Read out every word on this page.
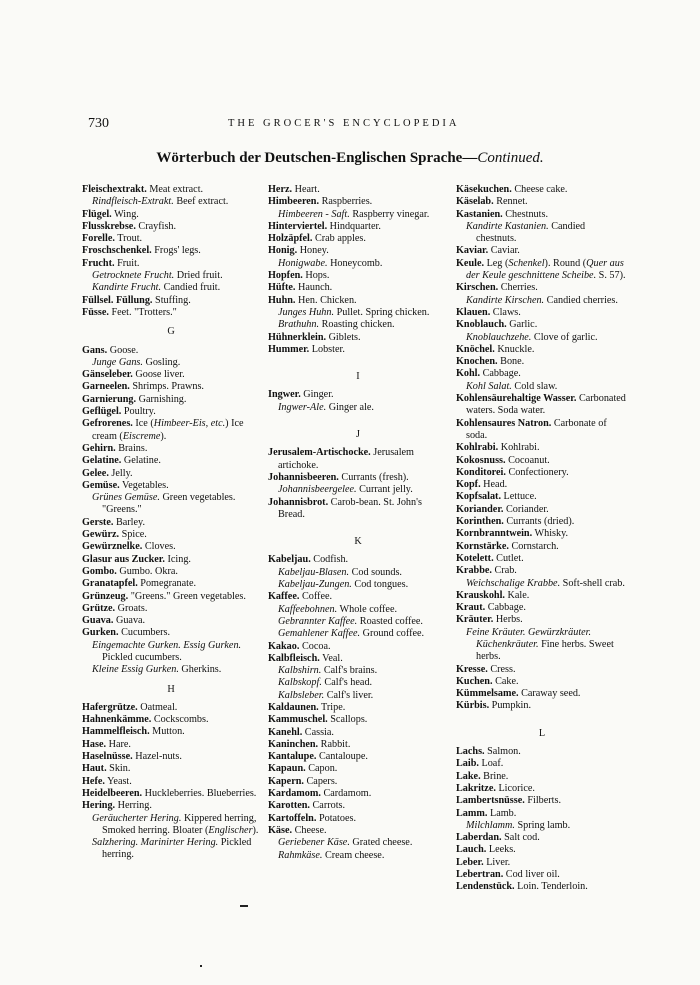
730	THE GROCER'S ENCYCLOPEDIA
Wörterbuch der Deutschen-Englischen Sprache—Continued.
Fleischextrakt. Meat extract.
Rindfleisch-Extrakt. Beef extract.
Flügel. Wing.
Flusskrebse. Crayfish.
Forelle. Trout.
Froschschenkel. Frogs' legs.
Frucht. Fruit.
Getrocknete Frucht. Dried fruit.
Kandirte Frucht. Candied fruit.
Füllsel. Füllung. Stuffing.
Füsse. Feet. "Trotters."
G
Gans. Goose.
Junge Gans. Gosling.
Gänseleber. Goose liver.
Garneelen. Shrimps. Prawns.
Garnierung. Garnishing.
Geflügel. Poultry.
Gefrorenes. Ice (Himbeer-Eis, etc.) Ice cream (Eiscreme).
Gehirn. Brains.
Gelatine. Gelatine.
Gelee. Jelly.
Gemüse. Vegetables.
Grünes Gemüse. Green vegetables. "Greens."
Gerste. Barley.
Gewürz. Spice.
Gewürznelke. Cloves.
Glasur aus Zucker. Icing.
Gombo. Gumbo. Okra.
Granatapfel. Pomegranate.
Grünzeug. "Greens." Green vegetables.
Grütze. Groats.
Guava. Guava.
Gurken. Cucumbers.
Eingemachte Gurken. Essig Gurken. Pickled cucumbers.
Kleine Essig Gurken. Gherkins.
H
Hafergrütze. Oatmeal.
Hahnenkämme. Cockscombs.
Hammelfleisch. Mutton.
Hase. Hare.
Haselnüsse. Hazel-nuts.
Haut. Skin.
Hefe. Yeast.
Heidelbeeren. Huckleberries. Blueberries.
Hering. Herring.
Geräucherter Hering. Kippered herring, Smoked herring. Bloater (Englischer).
Salzhering. Marinirter Hering. Pickled herring.
Herz. Heart.
Himbeeren. Raspberries.
Himbeeren - Saft. Raspberry vinegar.
Hinterviertel. Hindquarter.
Holzäpfel. Crab apples.
Honig. Honey.
Honigwabe. Honeycomb.
Hopfen. Hops.
Hüfte. Haunch.
Huhn. Hen. Chicken.
Junges Huhn. Pullet. Spring chicken.
Brathuhn. Roasting chicken.
Hühnerklein. Giblets.
Hummer. Lobster.
I
Ingwer. Ginger.
Ingwer-Ale. Ginger ale.
J
Jerusalem-Artischocke. Jerusalem artichoke.
Johannisbeeren. Currants (fresh).
Johannisbeergelee. Currant jelly.
Johannisbrot. Carob-bean. St. John's Bread.
K
Kabeljau. Codfish.
Kabeljau-Blasen. Cod sounds.
Kabeljau-Zungen. Cod tongues.
Kaffee. Coffee.
Kaffeebohnen. Whole coffee.
Gebrannter Kaffee. Roasted coffee.
Gemahlener Kaffee. Ground coffee.
Kakao. Cocoa.
Kalbfleisch. Veal.
Kalbshirn. Calf's brains.
Kalbskopf. Calf's head.
Kalbsleber. Calf's liver.
Kaldaunen. Tripe.
Kammuschel. Scallops.
Kanehl. Cassia.
Kaninchen. Rabbit.
Kantalupe. Cantaloupe.
Kapaun. Capon.
Kapern. Capers.
Kardamom. Cardamom.
Karotten. Carrots.
Kartoffeln. Potatoes.
Käse. Cheese.
Geriebener Käse. Grated cheese.
Rahmkäse. Cream cheese.
Käsekuchen. Cheese cake.
Käselab. Rennet.
Kastanien. Chestnuts.
Kandirte Kastanien. Candied chestnuts.
Kaviar. Caviar.
Keule. Leg (Schenkel). Round (Quer aus der Keule geschnittene Scheibe. S. 57).
Kirschen. Cherries.
Kandirte Kirschen. Candied cherries.
Klauen. Claws.
Knoblauch. Garlic.
Knoblauchzehe. Clove of garlic.
Knöchel. Knuckle.
Knochen. Bone.
Kohl. Cabbage.
Kohl Salat. Cold slaw.
Kohlensäurehaltige Wasser. Carbonated waters. Soda water.
Kohlensaures Natron. Carbonate of soda.
Kohlrabi. Kohlrabi.
Kokosnuss. Cocoanut.
Konditorei. Confectionery.
Kopf. Head.
Kopfsalat. Lettuce.
Koriander. Coriander.
Korinthen. Currants (dried).
Kornbranntwein. Whisky.
Kornstärke. Cornstarch.
Kotelett. Cutlet.
Krabbe. Crab.
Weichschalige Krabbe. Soft-shell crab.
Krauskohl. Kale.
Kraut. Cabbage.
Kräuter. Herbs.
Feine Kräuter. Gewürzkräuter. Küchenkräuter. Fine herbs. Sweet herbs.
Kresse. Cress.
Kuchen. Cake.
Kümmelsame. Caraway seed.
Kürbis. Pumpkin.
L
Lachs. Salmon.
Laib. Loaf.
Lake. Brine.
Lakritze. Licorice.
Lambertsnüsse. Filberts.
Lamm. Lamb.
Milchlamm. Spring lamb.
Laberdan. Salt cod.
Lauch. Leeks.
Leber. Liver.
Lebertran. Cod liver oil.
Lendenstück. Loin. Tenderloin.
